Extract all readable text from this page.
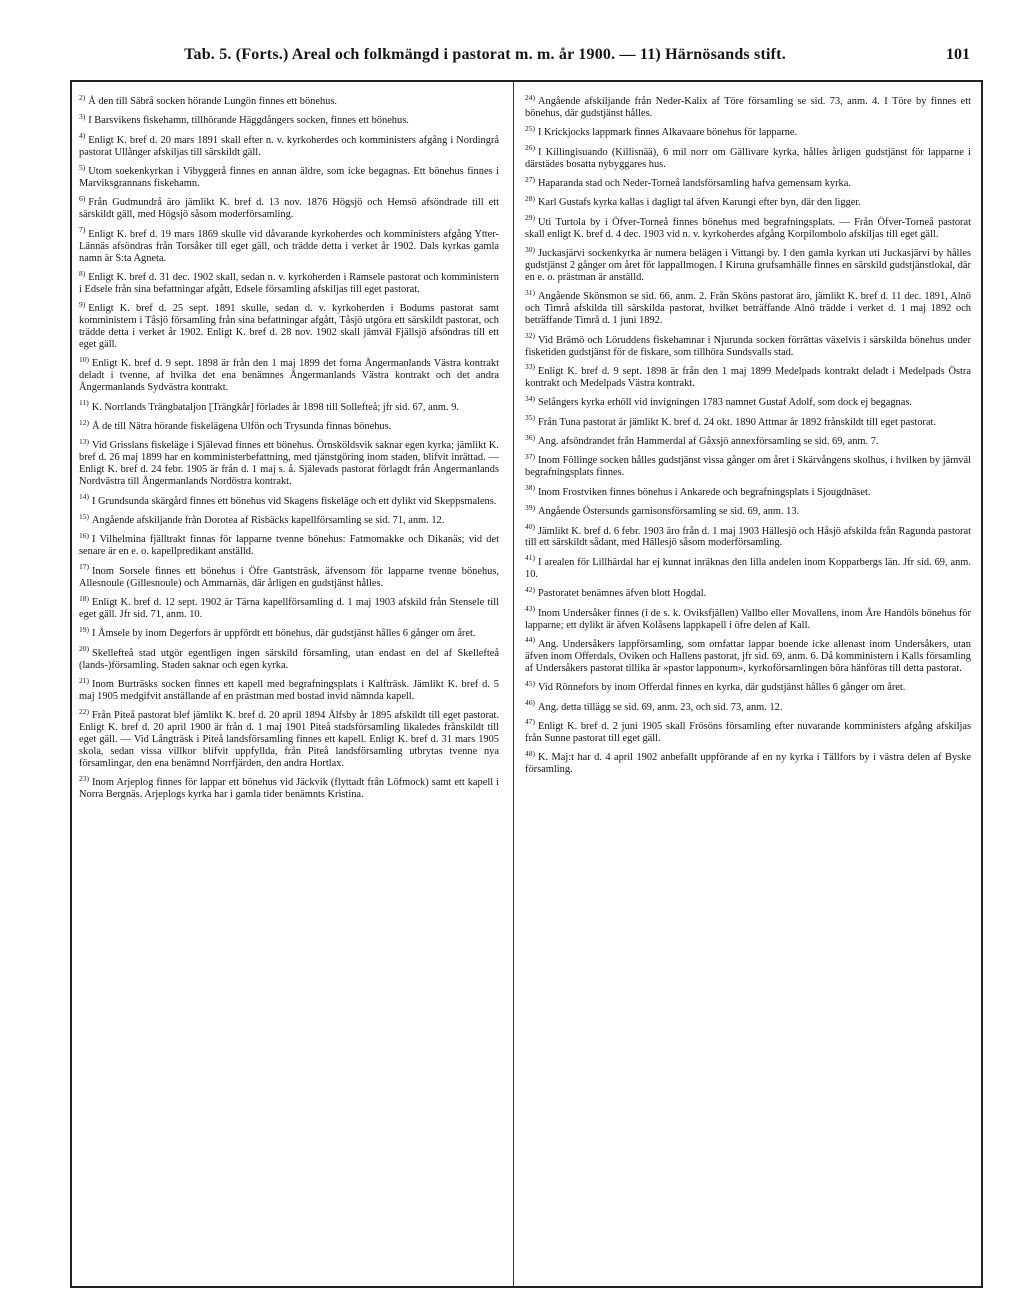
Tab. 5. (Forts.) Areal och folkmängd i pastorat m. m. år 1900. — 11) Härnösands stift.	101

$^{2)}$ Å den till Säbrå socken hörande Lungön finnes ett bönehus.

$^{3)}$ I Barsvikens fiskehamn, tillhörande Häggdångers socken, finnes ett bönehus.

$^{4)}$ Enligt K. bref d. 20 mars 1891 skall efter n. v. kyrkoherdes och komministers afgång i Nordingrå pastorat Ullånger afskiljas till särskildt gäll.

$^{5)}$ Utom soekenkyrkan i Vibyggerå finnes en annan äldre, som icke begagnas. Ett bönehus finnes i Marviksgrannans fiskehamn.

$^{6)}$ Från Gudmundrå äro jämlikt K. bref d. 13 nov. 1876 Högsjö och Hemsö afsöndrade till ett särskildt gäll, med Högsjö såsom moderförsamling.

$^{7)}$ Enligt K. bref d. 19 mars 1869 skulle vid dåvarande kyrkoherdes och komministers afgång Ytter-Lännäs afsöndras från Torsåker till eget gäll, och trädde detta i verket år 1902. Dals kyrkas gamla namn är S:ta Agneta.

$^{8)}$ Enligt K. bref d. 31 dec. 1902 skall, sedan n. v. kyrkoherden i Ramsele pastorat och komministern i Edsele från sina befattningar afgått, Edsele församling afskiljas till eget pastorat.

$^{9)}$ Enligt K. bref d. 25 sept. 1891 skulle, sedan d. v. kyrkoherden i Bodums pastorat samt komministern i Tåsjö församling från sina befattningar afgått, Tåsjö utgöra ett särskildt pastorat, och trädde detta i verket år 1902. Enligt K. bref d. 28 nov. 1902 skall jämväl Fjällsjö afsöndras till ett eget gäll.

$^{10)}$ Enligt K. bref d. 9 sept. 1898 är från den 1 maj 1899 det forna Ångermanlands Västra kontrakt deladt i tvenne, af hvilka det ena benämnes Ångermanlands Västra kontrakt och det andra Ångermanlands Sydvästra kontrakt.

$^{11)}$ K. Norrlands Trängbataljon [Trängkår] förlades år 1898 till Sollefteå; jfr sid. 67, anm. 9.

$^{12)}$ Å de till Nätra hörande fiskelägena Ulfön och Trysunda finnas bönehus.

$^{13)}$ Vid Grisslans fiskeläge i Själevad finnes ett bönehus. Örnsköldsvik saknar egen kyrka; jämlikt K. bref d. 26 maj 1899 har en komministerbefattning, med tjänstgöring inom staden, blifvit inrättad. — Enligt K. bref d. 24 febr. 1905 är från d. 1 maj s. å. Själevads pastorat förlagdt från Ångermanlands Nordvästra till Ångermanlands Nordöstra kontrakt.

$^{14)}$ I Grundsunda skärgård finnes ett bönehus vid Skagens fiskeläge och ett dylikt vid Skeppsmalens.

$^{15)}$ Angående afskiljande från Dorotea af Risbäcks kapellförsamling se sid. 71, anm. 12.

$^{16)}$ I Vilhelmina fjälltrakt finnas för lapparne tvenne bönehus: Fatmomakke och Dikanäs; vid det senare är en e. o. kapellpredikant anställd.

$^{17)}$ Inom Sorsele finnes ett bönehus i Öfre Gantsträsk, äfvensom för lapparne tvenne bönehus, Allesnoule (Gillesnoule) och Ammarnäs, där årligen en gudstjänst hålles.

$^{18)}$ Enligt K. bref d. 12 sept. 1902 är Tärna kapellförsamling d. 1 maj 1903 afskild från Stensele till eget gäll. Jfr sid. 71, anm. 10.

$^{19)}$ I Åmsele by inom Degerfors är uppfördt ett bönehus, där gudstjänst hålles 6 gånger om året.

$^{20)}$ Skellefteå stad utgör egentligen ingen särskild församling, utan endast en del af Skellefteå (lands-)församling. Staden saknar och egen kyrka.

$^{21)}$ Inom Burträsks socken finnes ett kapell med begrafningsplats i Kalfträsk. Jämlikt K. bref d. 5 maj 1905 medgifvit anställande af en prästman med bostad invid nämnda kapell.

$^{22)}$ Från Piteå pastorat blef jämlikt K. bref d. 20 april 1894 Älfsby år 1895 afskildt till eget pastorat. Enligt K. bref d. 20 april 1900 är från d. 1 maj 1901 Piteå stadsförsamling likaledes frånskildt till eget gäll. — Vid Långträsk i Piteå landsförsamling finnes ett kapell. Enligt K. bref d. 31 mars 1905 skola, sedan vissa villkor blifvit uppfyllda, från Piteå landsförsamling utbrytas tvenne nya församlingar, den ena benämnd Norrfjärden, den andra Hortlax.

$^{23)}$ Inom Arjeplog finnes för lappar ett bönehus vid Jäckvik (flyttadt från Löfmock) samt ett kapell i Norra Bergnäs. Arjeplogs kyrka har i gamla tider benämnts Kristina.

$^{24)}$ Angående afskiljande från Neder-Kalix af Töre församling se sid. 73, anm. 4. I Töre by finnes ett bönehus, där gudstjänst hålles.

$^{25)}$ I Krickjocks lappmark finnes Alkavaare bönehus för lapparne.

$^{26)}$ I Killingisuando (Killisnää), 6 mil norr om Gällivare kyrka, hålles årligen gudstjänst för lapparne i därstädes bosatta nybyggares hus.

$^{27)}$ Haparanda stad och Neder-Torneå landsförsamling hafva gemensam kyrka.

$^{28)}$ Karl Gustafs kyrka kallas i dagligt tal äfven Karungi efter byn, där den ligger.

$^{29)}$ Uti Turtola by i Öfver-Torneå finnes bönehus med begrafningsplats. — Från Öfver-Torneå pastorat skall enligt K. bref d. 4 dec. 1903 vid n. v. kyrkoherdes afgång Korpilombolo afskiljas till eget gäll.

$^{30)}$ Juckasjärvi sockenkyrka är numera belägen i Vittangi by. I den gamla kyrkan uti Juckasjärvi by hålles gudstjänst 2 gånger om året för lappallmogen. I Kiruna grufsamhälle finnes en särskild gudstjänstlokal, där en e. o. prästman är anställd.

$^{31)}$ Angående Skönsmon se sid. 66, anm. 2. Från Sköns pastorat äro, jämlikt K. bref d. 11 dec. 1891, Alnö och Timrå afskilda till särskilda pastorat, hvilket beträffande Alnö trädde i verket d. 1 maj 1892 och beträffande Timrå d. 1 juni 1892.

$^{32)}$ Vid Brämö och Löruddens fiskehamnar i Njurunda socken förrättas växelvis i särskilda bönehus under fisketiden gudstjänst för de fiskare, som tillhöra Sundsvalls stad.

$^{33)}$ Enligt K. bref d. 9 sept. 1898 är från den 1 maj 1899 Medelpads kontrakt deladt i Medelpads Östra kontrakt och Medelpads Västra kontrakt.

$^{34)}$ Selångers kyrka erhöll vid invigningen 1783 namnet Gustaf Adolf, som dock ej begagnas.

$^{35)}$ Från Tuna pastorat är jämlikt K. bref d. 24 okt. 1890 Attmar år 1892 frånskildt till eget pastorat.

$^{36)}$ Ang. afsöndrandet från Hammerdal af Gåxsjö annexförsamling se sid. 69, anm. 7.

$^{37)}$ Inom Föllinge socken hålles gudstjänst vissa gånger om året i Skärvångens skolhus, i hvilken by jämväl begrafningsplats finnes.

$^{38)}$ Inom Frostviken finnes bönehus i Ankarede och begrafningsplats i Sjougdnäset.

$^{39)}$ Angående Östersunds garnisonsförsamling se sid. 69, anm. 13.

$^{40)}$ Jämlikt K. bref d. 6 febr. 1903 äro från d. 1 maj 1903 Hällesjö och Håsjö afskilda från Ragunda pastorat till ett särskildt sådant, med Hällesjö såsom moderförsamling.

$^{41)}$ I arealen för Lillhärdal har ej kunnat inräknas den lilla andelen inom Kopparbergs län. Jfr sid. 69, anm. 10.

$^{42)}$ Pastoratet benämnes äfven blott Hogdal.

$^{43)}$ Inom Undersåker finnes (i de s. k. Oviksfjällen) Vallbo eller Movallens, inom Åre Handöls bönehus för lapparne; ett dylikt är äfven Kolåsens lappkapell i öfre delen af Kall.

$^{44)}$ Ang. Undersåkers lappförsamling, som omfattar lappar boende icke allenast inom Undersåkers, utan äfven inom Offerdals, Oviken och Hallens pastorat, jfr sid. 69, anm. 6. Då komministern i Kalls församling af Undersåkers pastorat tillika är »pastor lapponum», kyrkoförsamlingen böra hänföras till detta pastorat.

$^{45)}$ Vid Rönnefors by inom Offerdal finnes en kyrka, där gudstjänst hålles 6 gånger om året.

$^{46)}$ Ang. detta tillägg se sid. 69, anm. 23, och sid. 73, anm. 12.

$^{47)}$ Enligt K. bref d. 2 juni 1905 skall Frösöns församling efter nuvarande komministers afgång afskiljas från Sunne pastorat till eget gäll.

$^{48)}$ K. Maj:t har d. 4 april 1902 anbefallt uppförande af en ny kyrka i Tällfors by i västra delen af Byske församling.
